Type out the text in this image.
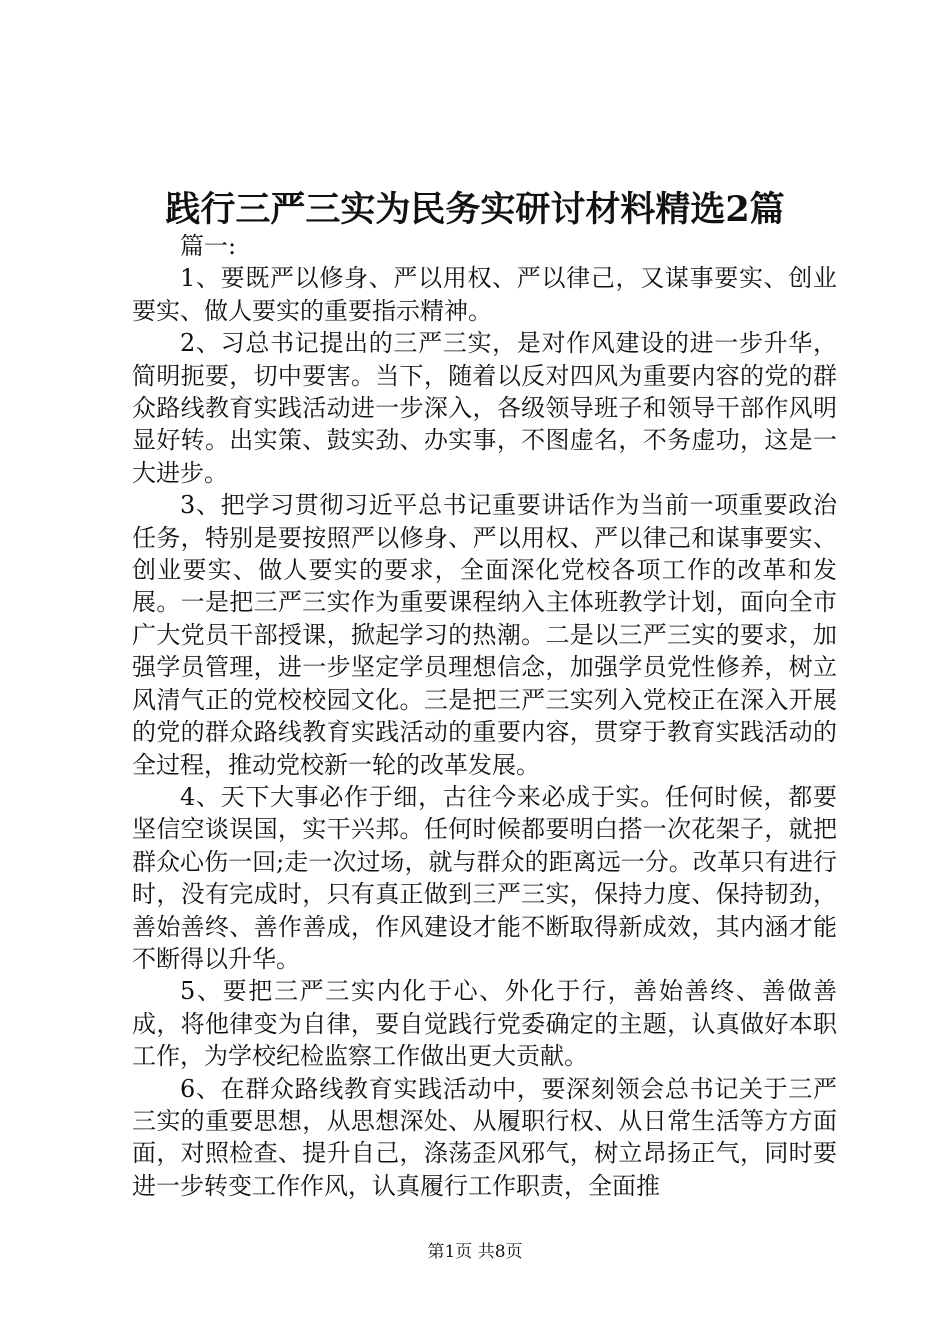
践行三严三实为民务实研讨材料精选2篇

篇一:

1、要既严以修身、严以用权、严以律己，又谋事要实、创业要实、做人要实的重要指示精神。

2、习总书记提出的三严三实，是对作风建设的进一步升华，简明扼要，切中要害。当下，随着以反对四风为重要内容的党的群众路线教育实践活动进一步深入，各级领导班子和领导干部作风明显好转。出实策、鼓实劲、办实事，不图虚名，不务虚功，这是一大进步。

3、把学习贯彻习近平总书记重要讲话作为当前一项重要政治任务，特别是要按照严以修身、严以用权、严以律己和谋事要实、创业要实、做人要实的要求，全面深化党校各项工作的改革和发展。一是把三严三实作为重要课程纳入主体班教学计划，面向全市广大党员干部授课，掀起学习的热潮。二是以三严三实的要求，加强学员管理，进一步坚定学员理想信念，加强学员党性修养，树立风清气正的党校校园文化。三是把三严三实列入党校正在深入开展的党的群众路线教育实践活动的重要内容，贯穿于教育实践活动的全过程，推动党校新一轮的改革发展。

4、天下大事必作于细，古往今来必成于实。任何时候，都要坚信空谈误国，实干兴邦。任何时候都要明白搭一次花架子，就把群众心伤一回;走一次过场，就与群众的距离远一分。改革只有进行时，没有完成时，只有真正做到三严三实，保持力度、保持韧劲，善始善终、善作善成，作风建设才能不断取得新成效，其内涵才能不断得以升华。

5、要把三严三实内化于心、外化于行，善始善终、善做善成，将他律变为自律，要自觉践行党委确定的主题，认真做好本职工作，为学校纪检监察工作做出更大贡献。

6、在群众路线教育实践活动中，要深刻领会总书记关于三严三实的重要思想，从思想深处、从履职行权、从日常生活等方方面面，对照检查、提升自己，涤荡歪风邪气，树立昂扬正气，同时要进一步转变工作作风，认真履行工作职责，全面推

第1页 共8页
